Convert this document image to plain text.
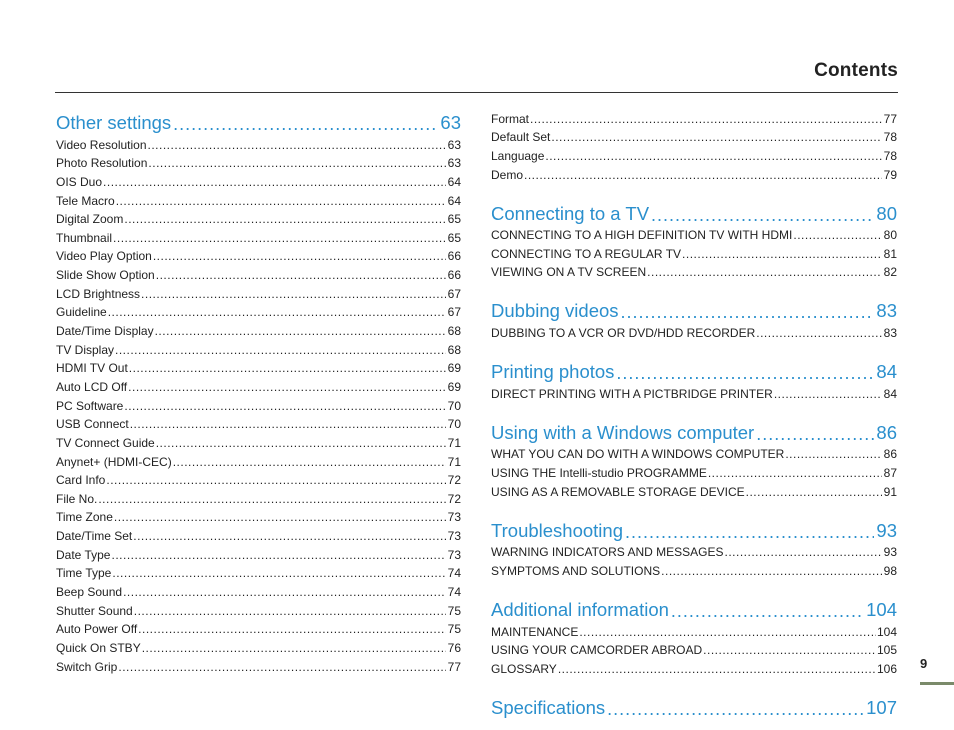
Contents
Other settings .....	63
Video Resolution .....	63
Photo Resolution .....	63
OIS Duo .....	64
Tele Macro .....	64
Digital Zoom .....	65
Thumbnail .....	65
Video Play Option .....	66
Slide Show Option .....	66
LCD Brightness .....	67
Guideline .....	67
Date/Time Display .....	68
TV Display .....	68
HDMI TV Out .....	69
Auto LCD Off .....	69
PC Software .....	70
USB Connect .....	70
TV Connect Guide .....	71
Anynet+ (HDMI-CEC) .....	71
Card Info .....	72
File No. .....	72
Time Zone .....	73
Date/Time Set .....	73
Date Type .....	73
Time Type .....	74
Beep Sound .....	74
Shutter Sound .....	75
Auto Power Off .....	75
Quick On STBY .....	76
Switch Grip .....	77
Format .....	77
Default Set .....	78
Language .....	78
Demo .....	79
Connecting to a TV .....	80
CONNECTING TO A HIGH DEFINITION TV WITH HDMI .....	80
CONNECTING TO A REGULAR TV .....	81
VIEWING ON A TV SCREEN .....	82
Dubbing videos .....	83
DUBBING TO A VCR OR DVD/HDD RECORDER .....	83
Printing photos .....	84
DIRECT PRINTING WITH A PICTBRIDGE PRINTER .....	84
Using with a Windows computer .....	86
WHAT YOU CAN DO WITH A WINDOWS COMPUTER .....	86
USING THE Intelli-studio PROGRAMME .....	87
USING AS A REMOVABLE STORAGE DEVICE .....	91
Troubleshooting .....	93
WARNING INDICATORS AND MESSAGES .....	93
SYMPTOMS AND SOLUTIONS .....	98
Additional information .....	104
MAINTENANCE .....	104
USING YOUR CAMCORDER ABROAD .....	105
GLOSSARY .....	106
Specifications .....	107
9
